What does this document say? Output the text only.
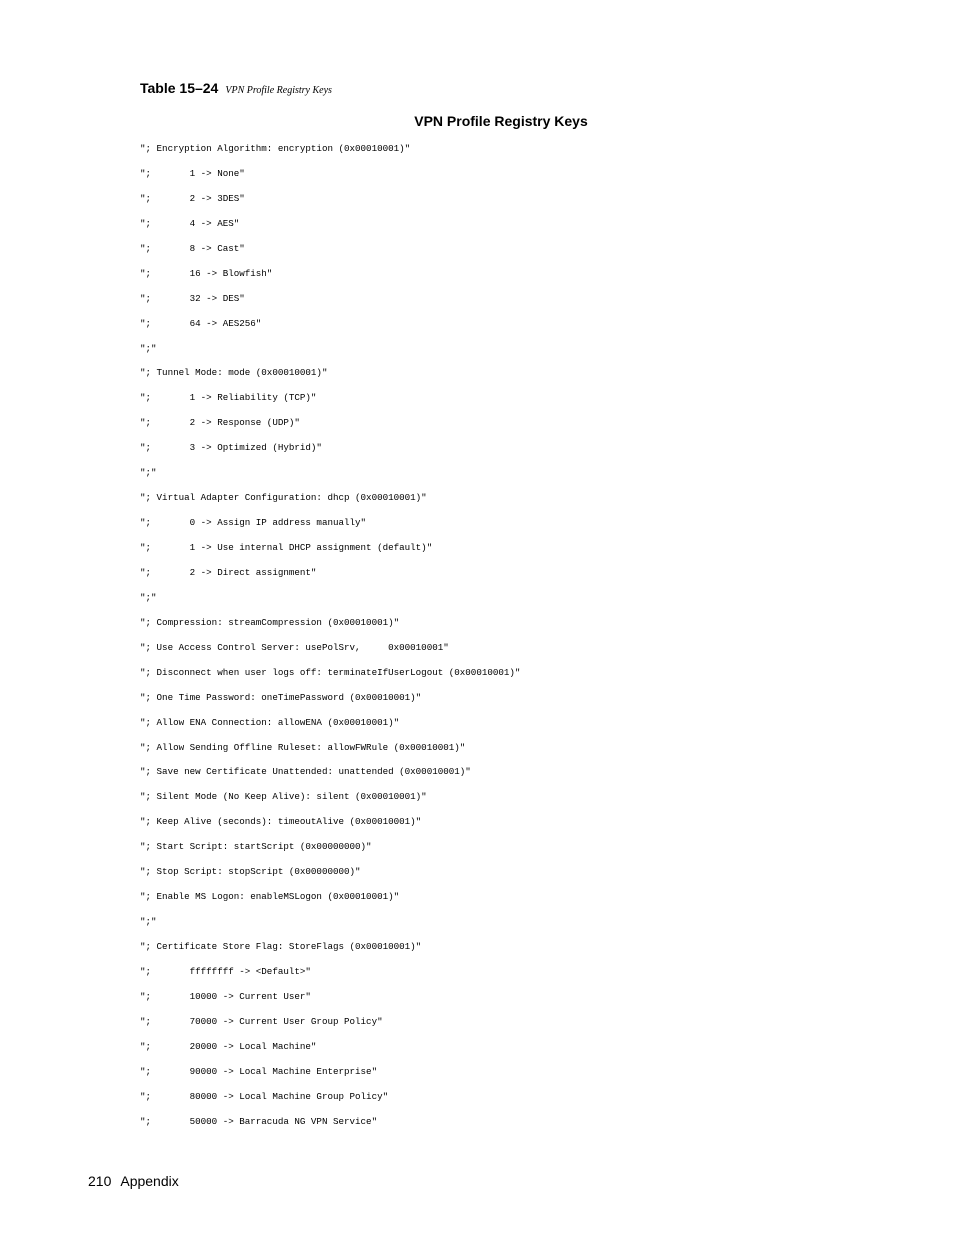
Table 15–24 VPN Profile Registry Keys
VPN Profile Registry Keys
"; Encryption Algorithm: encryption (0x00010001)"
";       1 -> None"
";       2 -> 3DES"
";       4 -> AES"
";       8 -> Cast"
";       16 -> Blowfish"
";       32 -> DES"
";       64 -> AES256"
";"
"; Tunnel Mode: mode (0x00010001)"
";       1 -> Reliability (TCP)"
";       2 -> Response (UDP)"
";       3 -> Optimized (Hybrid)"
";"
"; Virtual Adapter Configuration: dhcp (0x00010001)"
";       0 -> Assign IP address manually"
";       1 -> Use internal DHCP assignment (default)"
";       2 -> Direct assignment"
";"
"; Compression: streamCompression (0x00010001)"
"; Use Access Control Server: usePolSrv,     0x00010001"
"; Disconnect when user logs off: terminateIfUserLogout (0x00010001)"
"; One Time Password: oneTimePassword (0x00010001)"
"; Allow ENA Connection: allowENA (0x00010001)"
"; Allow Sending Offline Ruleset: allowFWRule (0x00010001)"
"; Save new Certificate Unattended: unattended (0x00010001)"
"; Silent Mode (No Keep Alive): silent (0x00010001)"
"; Keep Alive (seconds): timeoutAlive (0x00010001)"
"; Start Script: startScript (0x00000000)"
"; Stop Script: stopScript (0x00000000)"
"; Enable MS Logon: enableMSLogon (0x00010001)"
";"
"; Certificate Store Flag: StoreFlags (0x00010001)"
";       ffffffff -> <Default>"
";       10000 -> Current User"
";       70000 -> Current User Group Policy"
";       20000 -> Local Machine"
";       90000 -> Local Machine Enterprise"
";       80000 -> Local Machine Group Policy"
";       50000 -> Barracuda NG VPN Service"
210 Appendix
